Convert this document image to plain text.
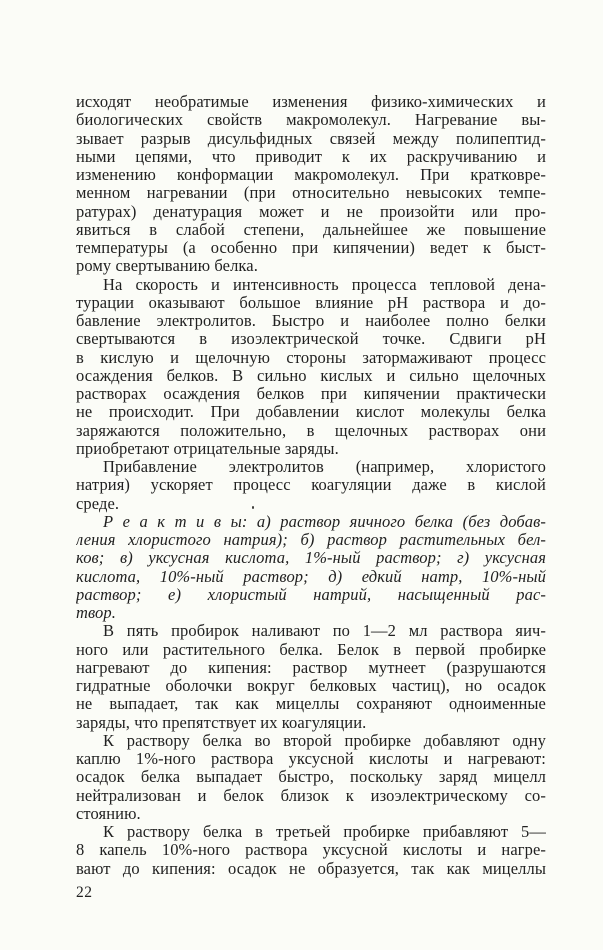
исходят необратимые изменения физико-химических и
биологических свойств макромолекул. Нагревание вы-
зывает разрыв дисульфидных связей между полипептид-
ными цепями, что приводит к их раскручиванию и
изменению конформации макромолекул. При кратковре-
менном нагревании (при относительно невысоких темпе-
ратурах) денатурация может и не произойти или про-
явиться в слабой степени, дальнейшее же повышение
температуры (а особенно при кипячении) ведет к быст-
рому свертыванию белка.

На скорость и интенсивность процесса тепловой дена-
турации оказывают большое влияние pH раствора и до-
бавление электролитов. Быстро и наиболее полно белки
свертываются в изоэлектрической точке. Сдвиги pH
в кислую и щелочную стороны затормаживают процесс
осаждения белков. В сильно кислых и сильно щелочных
растворах осаждения белков при кипячении практически
не происходит. При добавлении кислот молекулы белка
заряжаются положительно, в щелочных растворах они
приобретают отрицательные заряды.

Прибавление электролитов (например, хлористого
натрия) ускоряет процесс коагуляции даже в кислой
среде.

Р е а к т и в ы: а) раствор яичного белка (без добав-
ления хлористого натрия); б) раствор растительных бел-
ков; в) уксусная кислота, 1%-ный раствор; г) уксусная
кислота, 10%-ный раствор; д) едкий натр, 10%-ный
раствор; е) хлористый натрий, насыщенный рас-
твор.

В пять пробирок наливают по 1—2 мл раствора яич-
ного или растительного белка. Белок в первой пробирке
нагревают до кипения: раствор мутнеет (разрушаются
гидратные оболочки вокруг белковых частиц), но осадок
не выпадает, так как мицеллы сохраняют одноименные
заряды, что препятствует их коагуляции.

К раствору белка во второй пробирке добавляют одну
каплю 1%-ного раствора уксусной кислоты и нагревают:
осадок белка выпадает быстро, поскольку заряд мицелл
нейтрализован и белок близок к изоэлектрическому со-
стоянию.

К раствору белка в третьей пробирке прибавляют 5—
8 капель 10%-ного раствора уксусной кислоты и нагре-
вают до кипения: осадок не образуется, так как мицеллы

22
